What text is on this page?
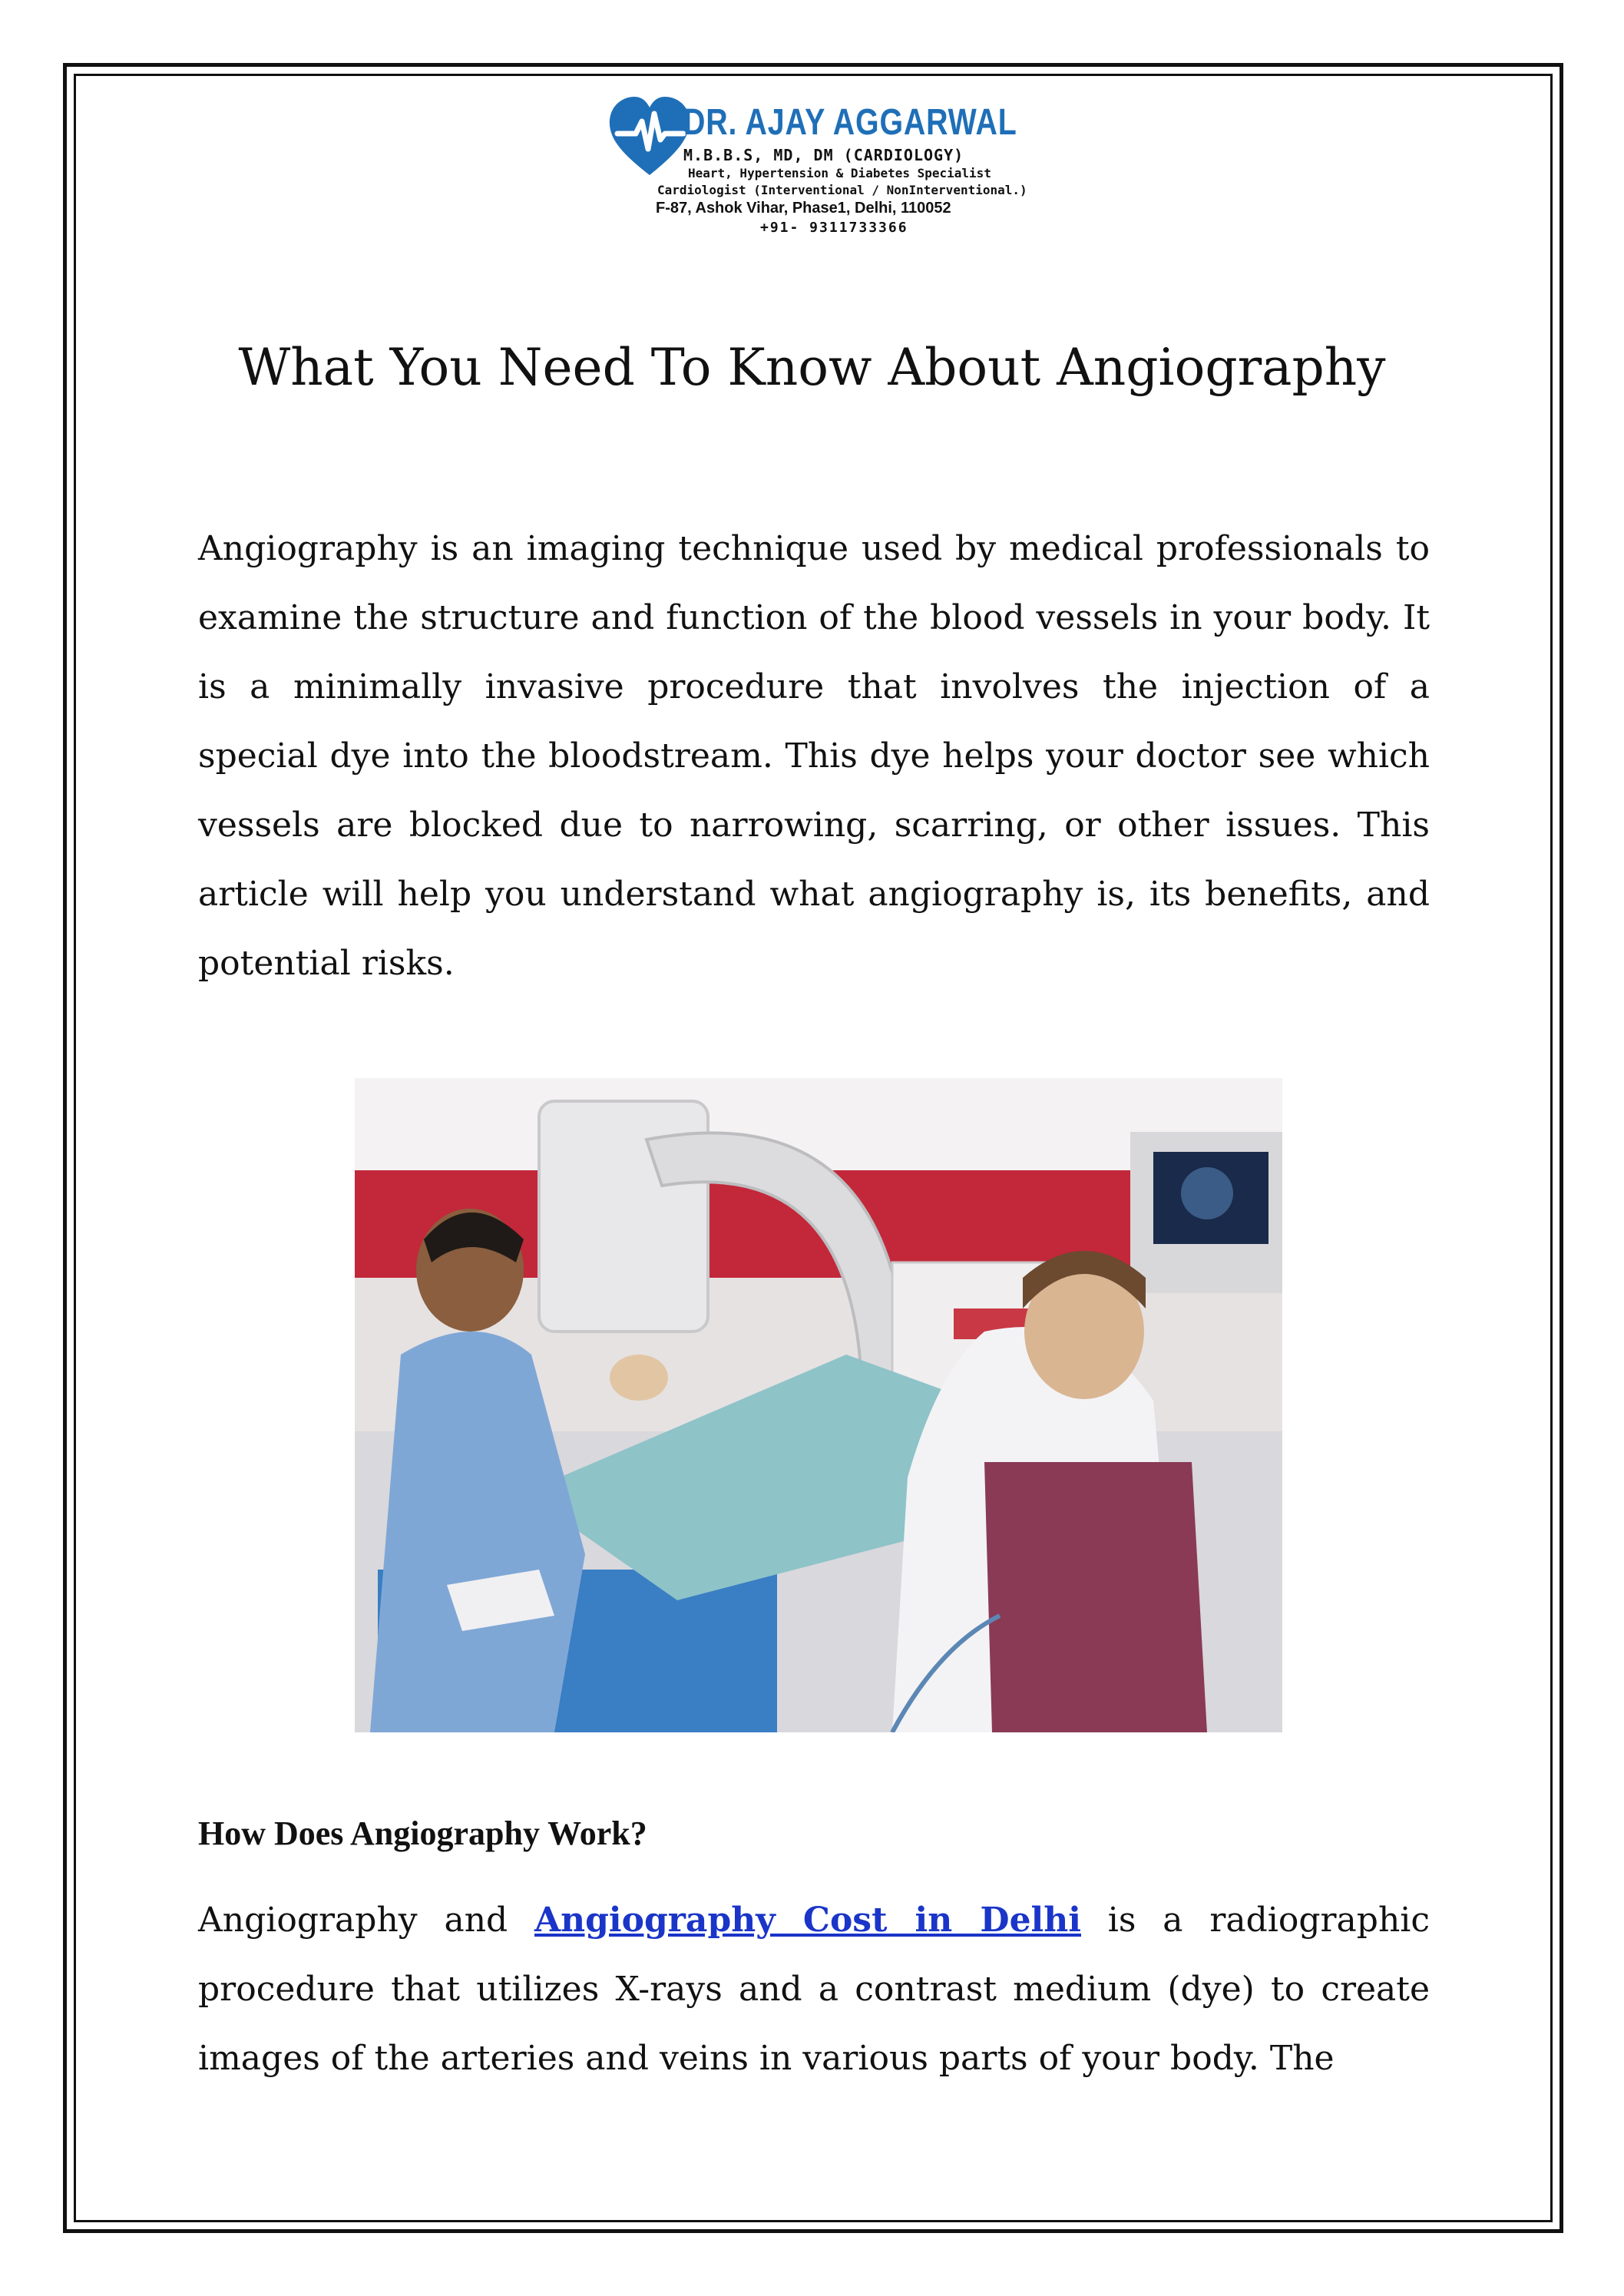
DR. AJAY AGGARWAL
M.B.B.S, MD, DM (CARDIOLOGY)
Heart, Hypertension & Diabetes Specialist
Cardiologist (Interventional / NonInterventional.)
F-87, Ashok Vihar, Phase1, Delhi, 110052
+91- 9311733366
What You Need To Know About Angiography

Angiography is an imaging technique used by medical professionals to examine the structure and function of the blood vessels in your body. It is a minimally invasive procedure that involves the injection of a special dye into the bloodstream. This dye helps your doctor see which vessels are blocked due to narrowing, scarring, or other issues. This article will help you understand what angiography is, its benefits, and potential risks.

How Does Angiography Work?

Angiography and Angiography Cost in Delhi is a radiographic procedure that utilizes X-rays and a contrast medium (dye) to create images of the arteries and veins in various parts of your body. The
